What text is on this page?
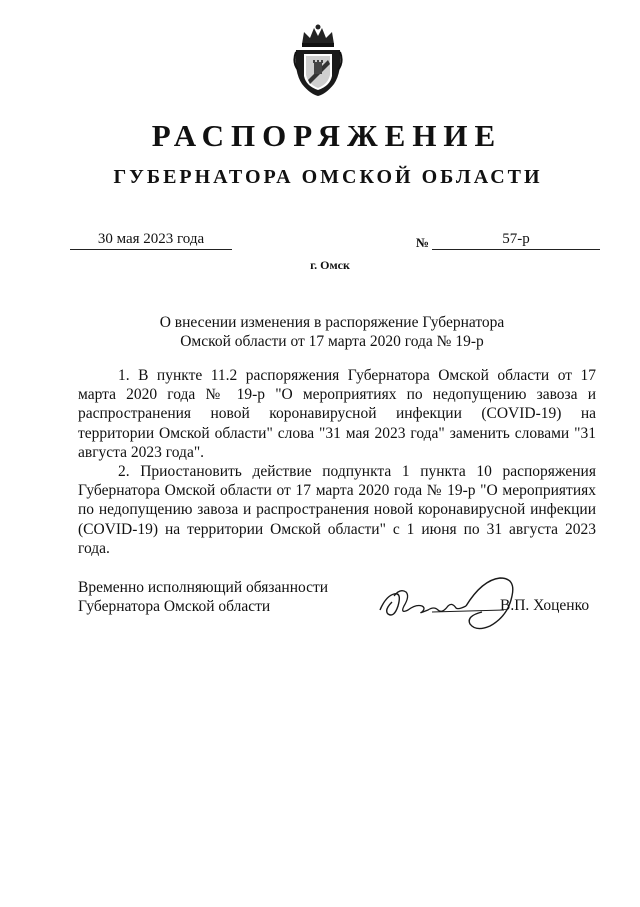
РАСПОРЯЖЕНИЕ
ГУБЕРНАТОРА ОМСКОЙ ОБЛАСТИ
30 мая 2023 года	№	57-р
г. Омск
О внесении изменения в распоряжение Губернатора
Омской области от 17 марта 2020 года № 19-р

1. В пункте 11.2 распоряжения Губернатора Омской области от 17 марта 2020 года № 19-р "О мероприятиях по недопущению завоза и распространения новой коронавирусной инфекции (COVID-19) на территории Омской области" слова "31 мая 2023 года" заменить словами "31 августа 2023 года".

2. Приостановить действие подпункта 1 пункта 10 распоряжения Губернатора Омской области от 17 марта 2020 года № 19-р "О мероприятиях по недопущению завоза и распространения новой коронавирусной инфекции (COVID-19) на территории Омской области" с 1 июня по 31 августа 2023 года.

Временно исполняющий обязанности
Губернатора Омской области	В.П. Хоценко
